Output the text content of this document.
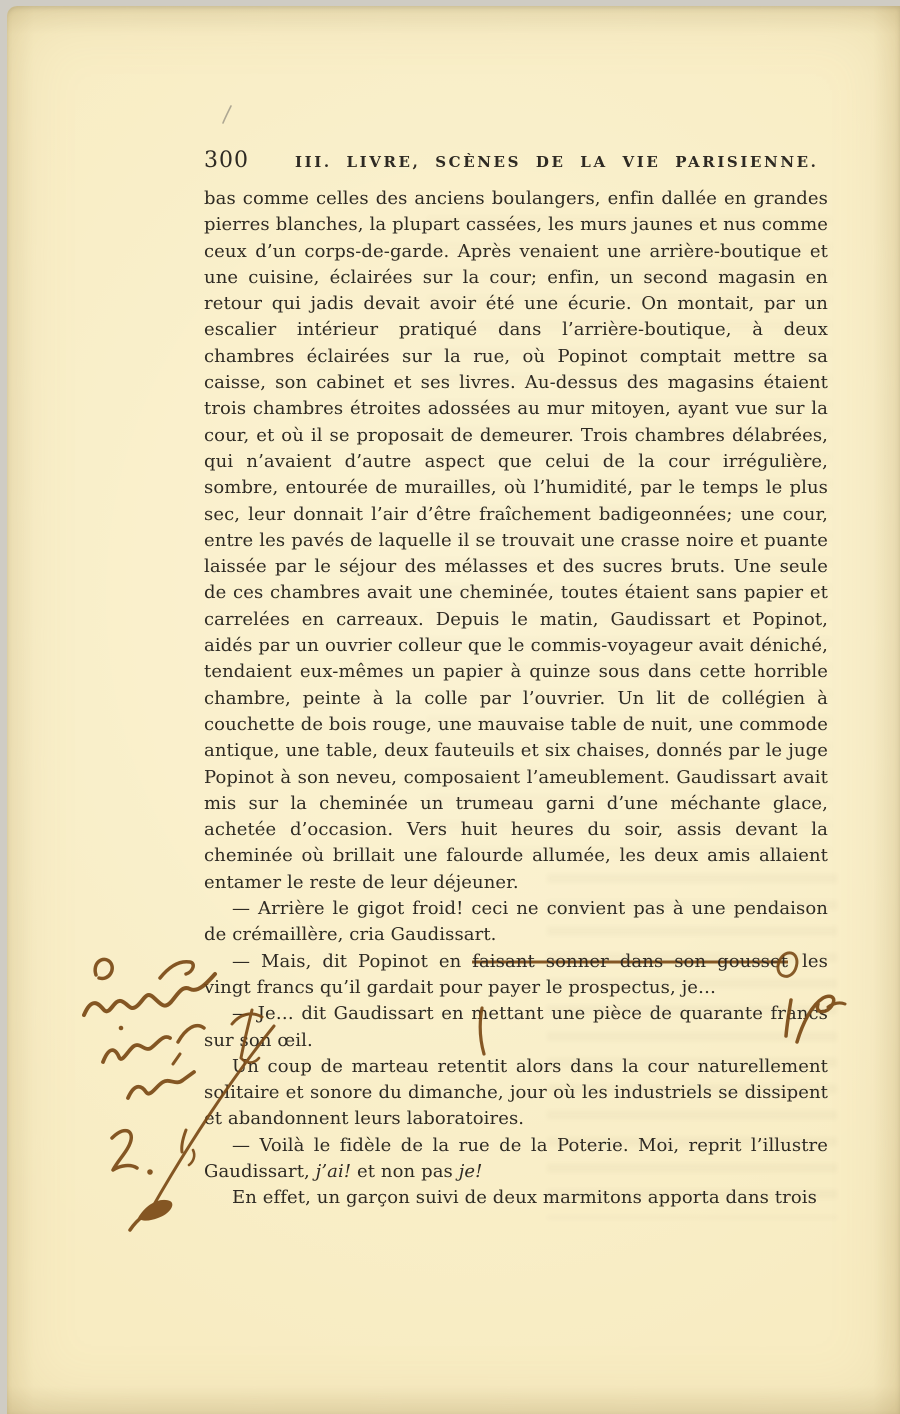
300	III. LIVRE, SCÈNES DE LA VIE PARISIENNE.

bas comme celles des anciens boulangers, enfin dallée en grandes pierres blanches, la plupart cassées, les murs jaunes et nus comme ceux d’un corps-de-garde. Après venaient une arrière-boutique et une cuisine, éclairées sur la cour; enfin, un second magasin en retour qui jadis devait avoir été une écurie. On montait, par un escalier intérieur pratiqué dans l’arrière-boutique, à deux chambres éclairées sur la rue, où Popinot comptait mettre sa caisse, son cabinet et ses livres. Au-dessus des magasins étaient trois chambres étroites adossées au mur mitoyen, ayant vue sur la cour, et où il se proposait de demeurer. Trois chambres délabrées, qui n’avaient d’autre aspect que celui de la cour irrégulière, sombre, entourée de murailles, où l’humidité, par le temps le plus sec, leur donnait l’air d’être fraîchement badigeonnées; une cour, entre les pavés de laquelle il se trouvait une crasse noire et puante laissée par le séjour des mélasses et des sucres bruts. Une seule de ces chambres avait une cheminée, toutes étaient sans papier et carrelées en carreaux. Depuis le matin, Gaudissart et Popinot, aidés par un ouvrier colleur que le commis-voyageur avait déniché, tendaient eux-mêmes un papier à quinze sous dans cette horrible chambre, peinte à la colle par l’ouvrier. Un lit de collégien à couchette de bois rouge, une mauvaise table de nuit, une commode antique, une table, deux fauteuils et six chaises, donnés par le juge Popinot à son neveu, composaient l’ameublement. Gaudissart avait mis sur la cheminée un trumeau garni d’une méchante glace, achetée d’occasion. Vers huit heures du soir, assis devant la cheminée où brillait une falourde allumée, les deux amis allaient entamer le reste de leur déjeuner.

— Arrière le gigot froid! ceci ne convient pas à une pendaison de crémaillère, cria Gaudissart.

— Mais, dit Popinot en faisant sonner dans son gousset les vingt francs qu’il gardait pour payer le prospectus, je…

— Je… dit Gaudissart en mettant une pièce de quarante francs sur son œil.

Un coup de marteau retentit alors dans la cour naturellement solitaire et sonore du dimanche, jour où les industriels se dissipent et abandonnent leurs laboratoires.

— Voilà le fidèle de la rue de la Poterie. Moi, reprit l’illustre Gaudissart, j’ai! et non pas je!

En effet, un garçon suivi de deux marmitons apporta dans trois
